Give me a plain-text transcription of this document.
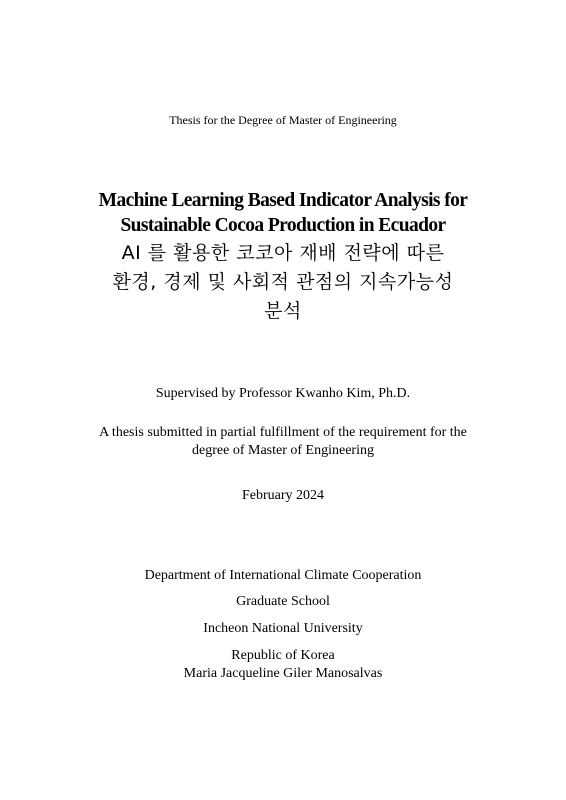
Thesis for the Degree of Master of Engineering
Machine Learning Based Indicator Analysis for
Sustainable Cocoa Production in Ecuador
AI 를 활용한 코코아 재배 전략에 따른
환경, 경제 및 사회적 관점의 지속가능성
분석
Supervised by Professor Kwanho Kim, Ph.D.
A thesis submitted in partial fulfillment of the requirement for the
degree of Master of Engineering
February 2024
Department of International Climate Cooperation
Graduate School
Incheon National University
Republic of Korea
Maria Jacqueline Giler Manosalvas
